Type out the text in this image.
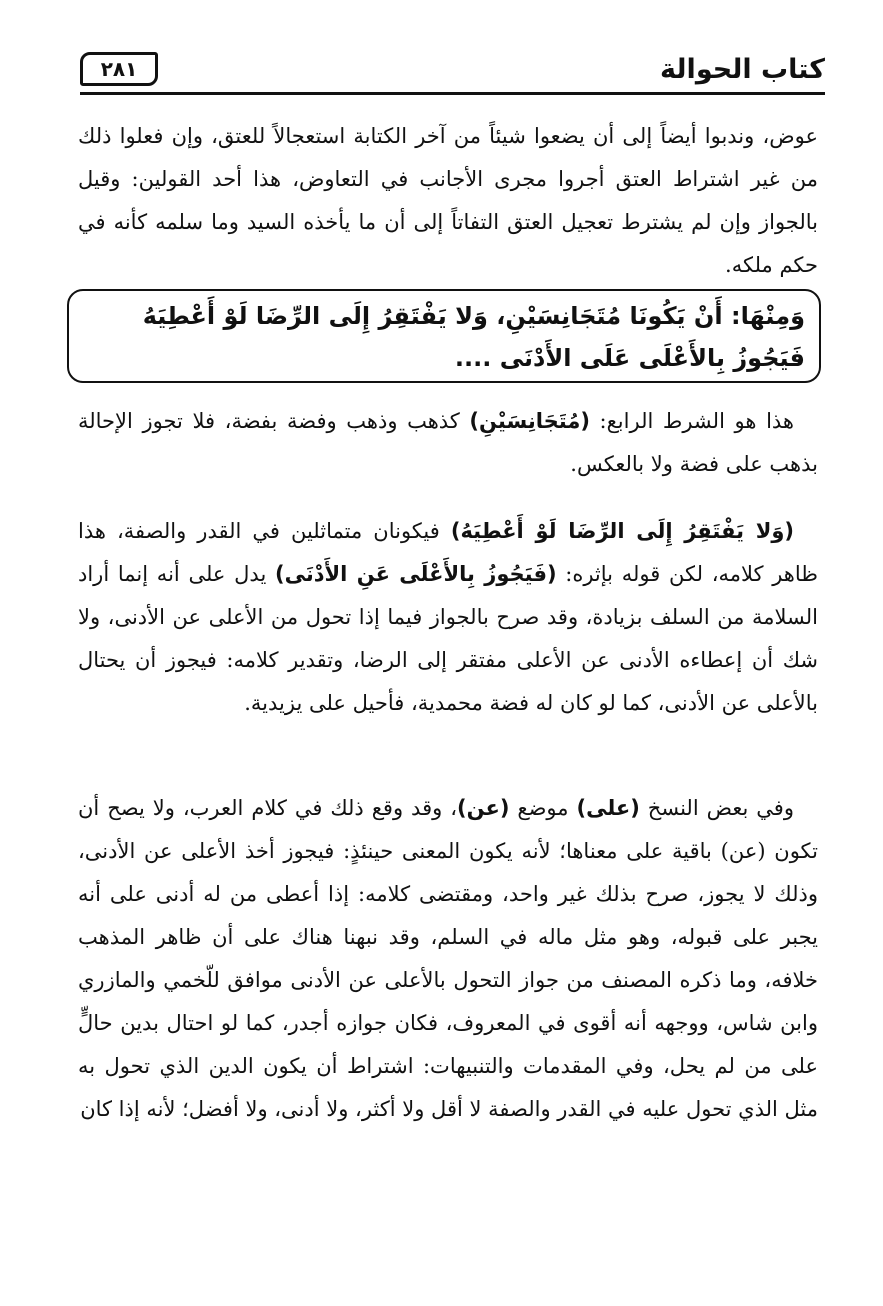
٢٨١	كتاب الحوالة
عوض، وندبوا أيضاً إلى أن يضعوا شيئاً من آخر الكتابة استعجالاً للعتق، وإن فعلوا ذلك من غير اشتراط العتق أجروا مجرى الأجانب في التعاوض، هذا أحد القولين: وقيل بالجواز وإن لم يشترط تعجيل العتق التفاتاً إلى أن ما يأخذه السيد وما سلمه كأنه في حكم ملكه.
وَمِنْهَا: أَنْ يَكُونَا مُتَجَانِسَيْنِ، وَلا يَفْتَقِرُ إِلَى الرِّضَا لَوْ أَعْطِيَهُ
فَيَجُوزُ بِالأَعْلَى عَلَى الأَدْنَى ....

هذا هو الشرط الرابع: (مُتَجَانِسَيْنِ) كذهب وذهب وفضة بفضة، فلا تجوز الإحالة بذهب على فضة ولا بالعكس.

(وَلا يَفْتَقِرُ إِلَى الرِّضَا لَوْ أَعْطِيَهُ) فيكونان متماثلين في القدر والصفة، هذا ظاهر كلامه، لكن قوله بإثره: (فَيَجُوزُ بِالأَعْلَى عَنِ الأَدْنَى) يدل على أنه إنما أراد السلامة من السلف بزيادة، وقد صرح بالجواز فيما إذا تحول من الأعلى عن الأدنى، ولا شك أن إعطاءه الأدنى عن الأعلى مفتقر إلى الرضا، وتقدير كلامه: فيجوز أن يحتال بالأعلى عن الأدنى، كما لو كان له فضة محمدية، فأحيل على يزيدية.

وفي بعض النسخ (على) موضع (عن)، وقد وقع ذلك في كلام العرب، ولا يصح أن تكون (عن) باقية على معناها؛ لأنه يكون المعنى حينئذٍ: فيجوز أخذ الأعلى عن الأدنى، وذلك لا يجوز، صرح بذلك غير واحد، ومقتضى كلامه: إذا أعطى من له أدنى على أنه يجبر على قبوله، وهو مثل ماله في السلم، وقد نبهنا هناك على أن ظاهر المذهب خلافه، وما ذكره المصنف من جواز التحول بالأعلى عن الأدنى موافق للّخمي والمازري وابن شاس، ووجهه أنه أقوى في المعروف، فكان جوازه أجدر، كما لو احتال بدين حالٍّ على من لم يحل، وفي المقدمات والتنبيهات: اشتراط أن يكون الدين الذي تحول به مثل الذي تحول عليه في القدر والصفة لا أقل ولا أكثر، ولا أدنى، ولا أفضل؛ لأنه إذا كان
